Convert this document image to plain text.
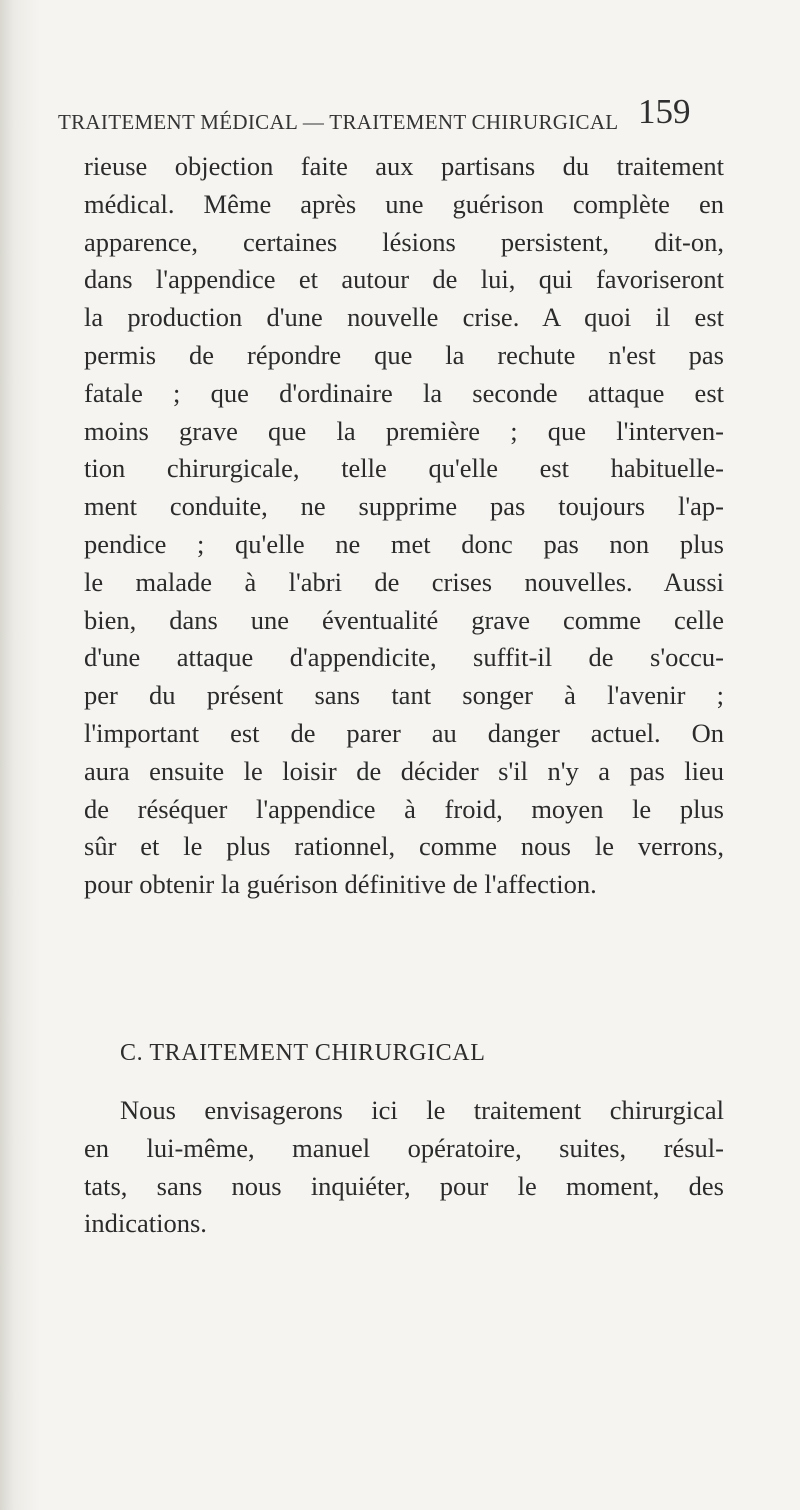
TRAITEMENT MÉDICAL — TRAITEMENT CHIRURGICAL 159
rieuse objection faite aux partisans du traitement
médical. Même après une guérison complète en
apparence, certaines lésions persistent, dit-on,
dans l'appendice et autour de lui, qui favoriseront
la production d'une nouvelle crise. A quoi il est
permis de répondre que la rechute n'est pas
fatale ; que d'ordinaire la seconde attaque est
moins grave que la première ; que l'interven-
tion chirurgicale, telle qu'elle est habituelle-
ment conduite, ne supprime pas toujours l'ap-
pendice ; qu'elle ne met donc pas non plus
le malade à l'abri de crises nouvelles. Aussi
bien, dans une éventualité grave comme celle
d'une attaque d'appendicite, suffit-il de s'occu-
per du présent sans tant songer à l'avenir ;
l'important est de parer au danger actuel. On
aura ensuite le loisir de décider s'il n'y a pas lieu
de réséquer l'appendice à froid, moyen le plus
sûr et le plus rationnel, comme nous le verrons,
pour obtenir la guérison définitive de l'affection.
C. TRAITEMENT CHIRURGICAL
Nous envisagerons ici le traitement chirurgical
en lui-même, manuel opératoire, suites, résul-
tats, sans nous inquiéter, pour le moment, des
indications.
